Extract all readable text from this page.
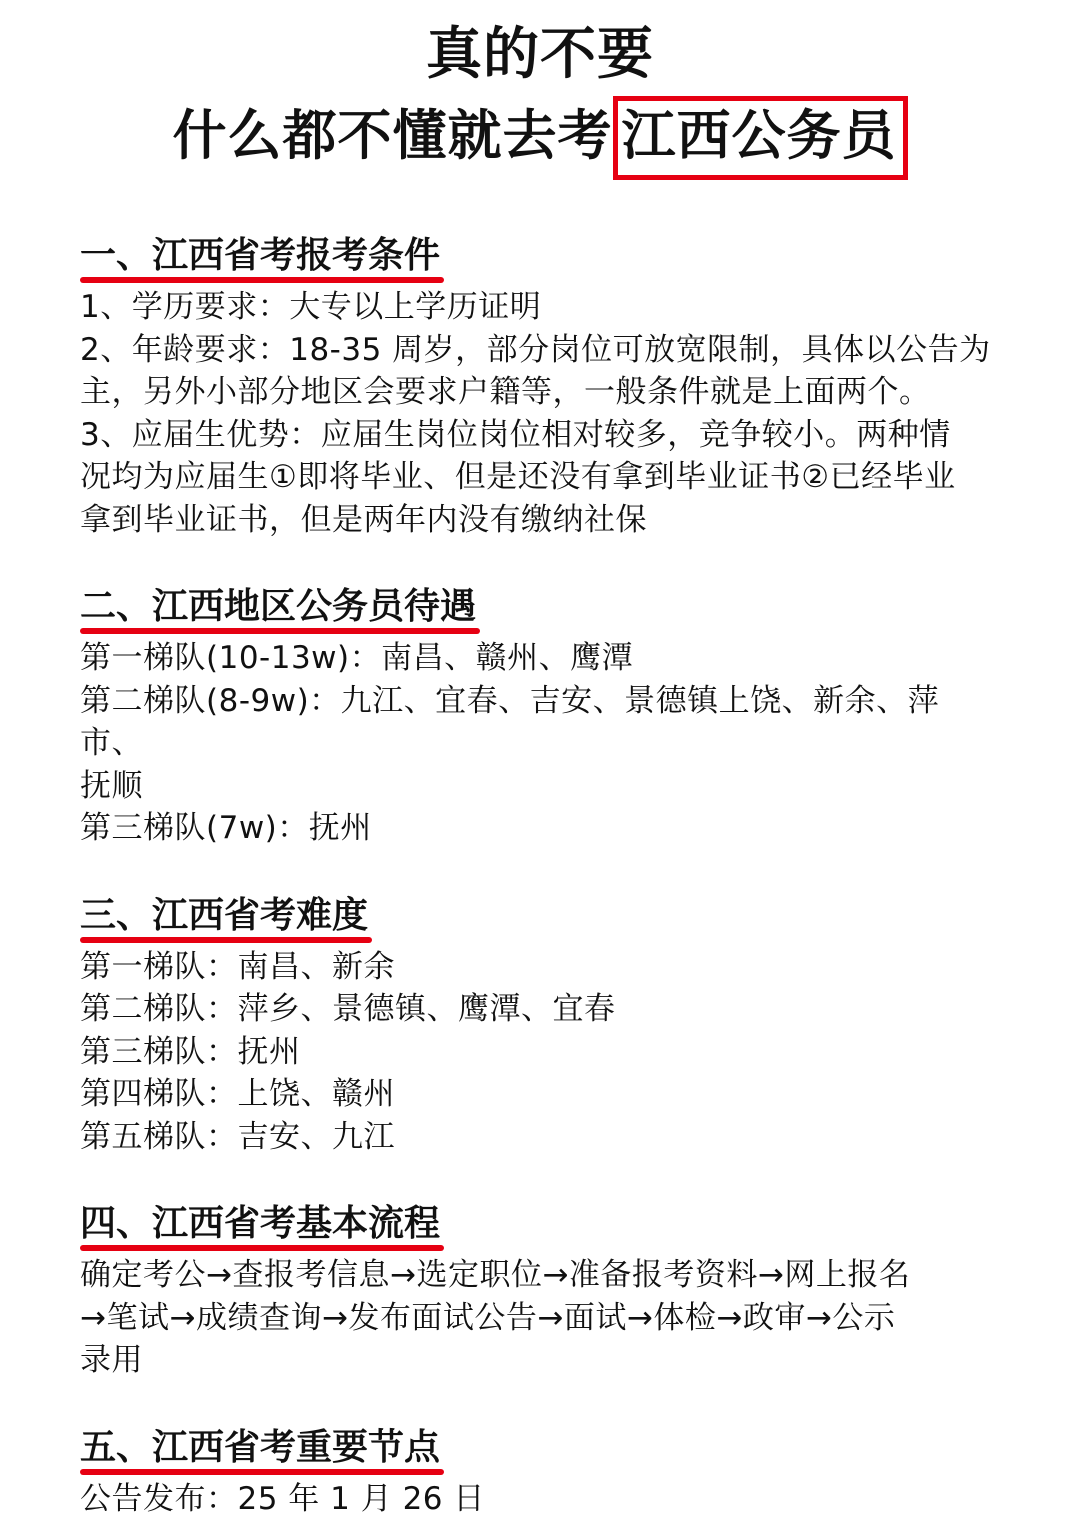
真的不要
什么都不懂就去考 江西公务员
一、江西省考报考条件

1、学历要求：大专以上学历证明

2、年龄要求：18-35 周岁，部分岗位可放宽限制，具体以公告为

主，另外小部分地区会要求户籍等，一般条件就是上面两个。

3、应届生优势：应届生岗位岗位相对较多，竞争较小。两种情

况均为应届生①即将毕业、但是还没有拿到毕业证书②已经毕业

拿到毕业证书，但是两年内没有缴纳社保

二、江西地区公务员待遇

第一梯队(10-13w)：南昌、赣州、鹰潭

第二梯队(8-9w)：九江、宜春、吉安、景德镇上饶、新余、萍市、

抚顺

第三梯队(7w)：抚州

三、江西省考难度

第一梯队：南昌、新余

第二梯队：萍乡、景德镇、鹰潭、宜春

第三梯队：抚州

第四梯队：上饶、赣州

第五梯队：吉安、九江

四、江西省考基本流程

确定考公→查报考信息→选定职位→准备报考资料→网上报名

→笔试→成绩查询→发布面试公告→面试→体检→政审→公示

录用

五、江西省考重要节点

公告发布：25 年 1 月 26 日
